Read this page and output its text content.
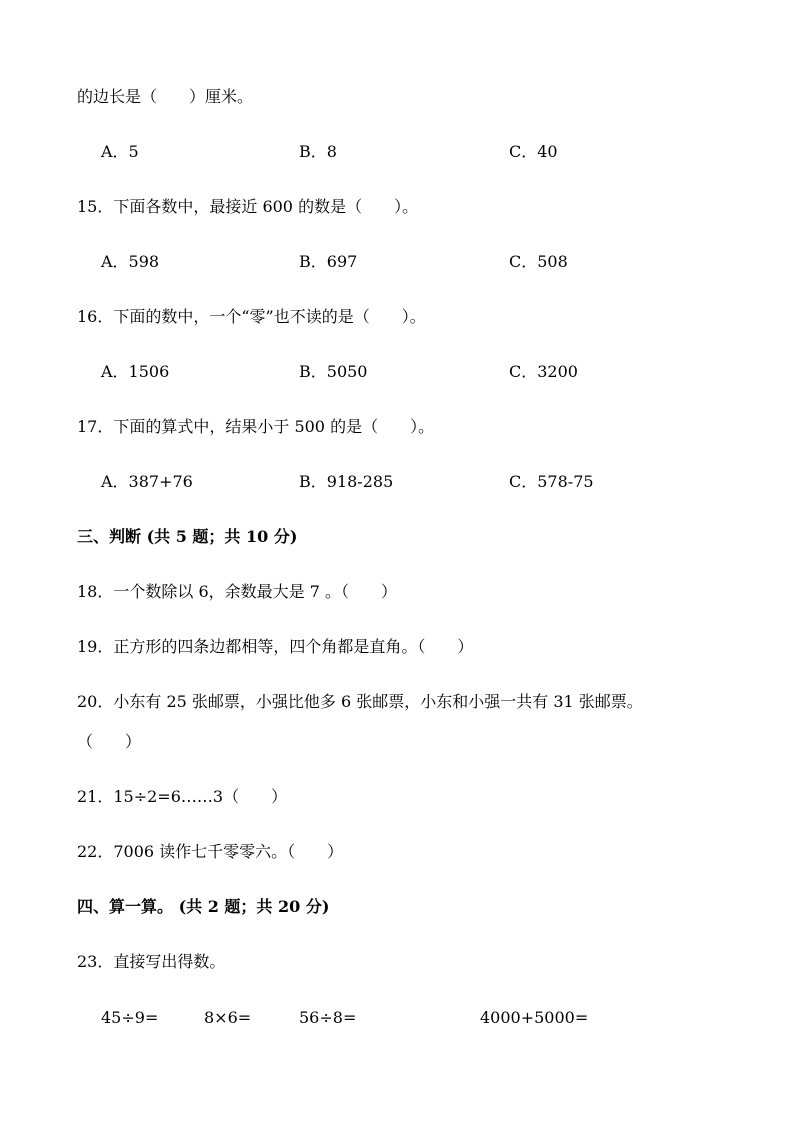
的边长是（　　）厘米。
A．5	B．8	C．40
15．下面各数中，最接近 600 的数是（　　）。
A．598	B．697	C．508
16．下面的数中，一个“零”也不读的是（　　）。
A．1506	B．5050	C．3200
17．下面的算式中，结果小于 500 的是（　　）。
A．387+76	B．918-285	C．578-75
三、判断 (共 5 题；共 10 分)
18．一个数除以 6，余数最大是 7 。（　　）
19．正方形的四条边都相等，四个角都是直角。（　　）
20．小东有 25 张邮票，小强比他多 6 张邮票，小东和小强一共有 31 张邮票。
（　　）
21．15÷2=6……3（　　）
22．7006 读作七千零零六。（　　）
四、算一算。 (共 2 题；共 20 分)
23．直接写出得数。
45÷9=	8×6=	56÷8=	4000+5000=
